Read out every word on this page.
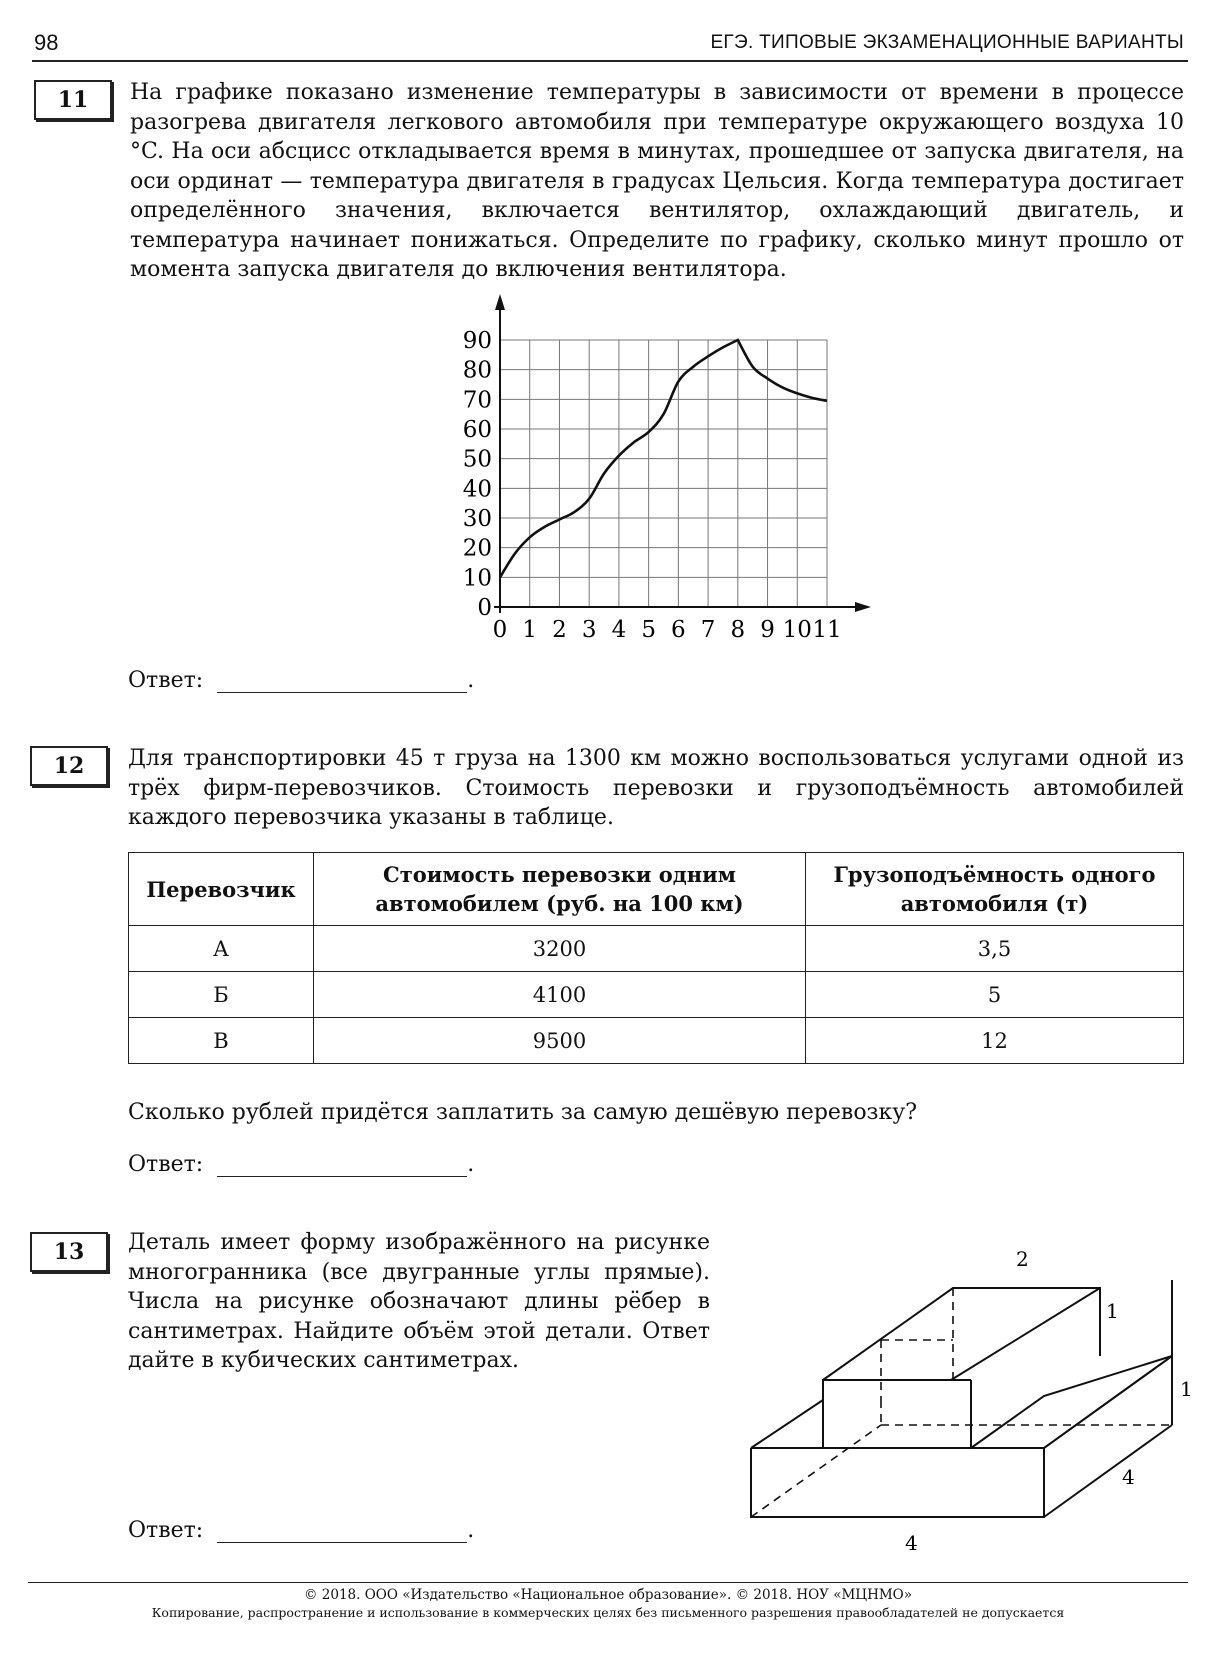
98	ЕГЭ. ТИПОВЫЕ ЭКЗАМЕНАЦИОННЫЕ ВАРИАНТЫ
11	На графике показано изменение температуры в зависимости от времени в процессе разогрева двигателя легкового автомобиля при температуре окружающего воздуха 10 °C. На оси абсцисс откладывается время в минутах, прошедшее от запуска двигателя, на оси ординат — температура двигателя в градусах Цельсия. Когда температура достигает определённого значения, включается вентилятор, охлаждающий двигатель, и температура начинает понижаться. Определите по графику, сколько минут прошло от момента запуска двигателя до включения вентилятора.
0
10
20
30
40
50
60
70
80
90
0 1 2 3 4 5 6 7 8 9 10 11
Ответ:	.
12	Для транспортировки 45 т груза на 1300 км можно воспользоваться услугами одной из трёх фирм-перевозчиков. Стоимость перевозки и грузоподъёмность автомобилей каждого перевозчика указаны в таблице.
Перевозчик	Стоимость перевозки одним автомобилем (руб. на 100 км)	Грузоподъёмность одного автомобиля (т)
А	3200	3,5
Б	4100	5
В	9500	12
Сколько рублей придётся заплатить за самую дешёвую перевозку?
Ответ:	.
13	Деталь имеет форму изображённого на рисунке многогранника (все двугранные углы прямые). Числа на рисунке обозначают длины рёбер в сантиметрах. Найдите объём этой детали. Ответ дайте в кубических сантиметрах.
2
1
1
4
4
Ответ:	.
© 2018. ООО «Издательство «Национальное образование». © 2018. НОУ «МЦНМО»
Копирование, распространение и использование в коммерческих целях без письменного разрешения правообладателей не допускается
